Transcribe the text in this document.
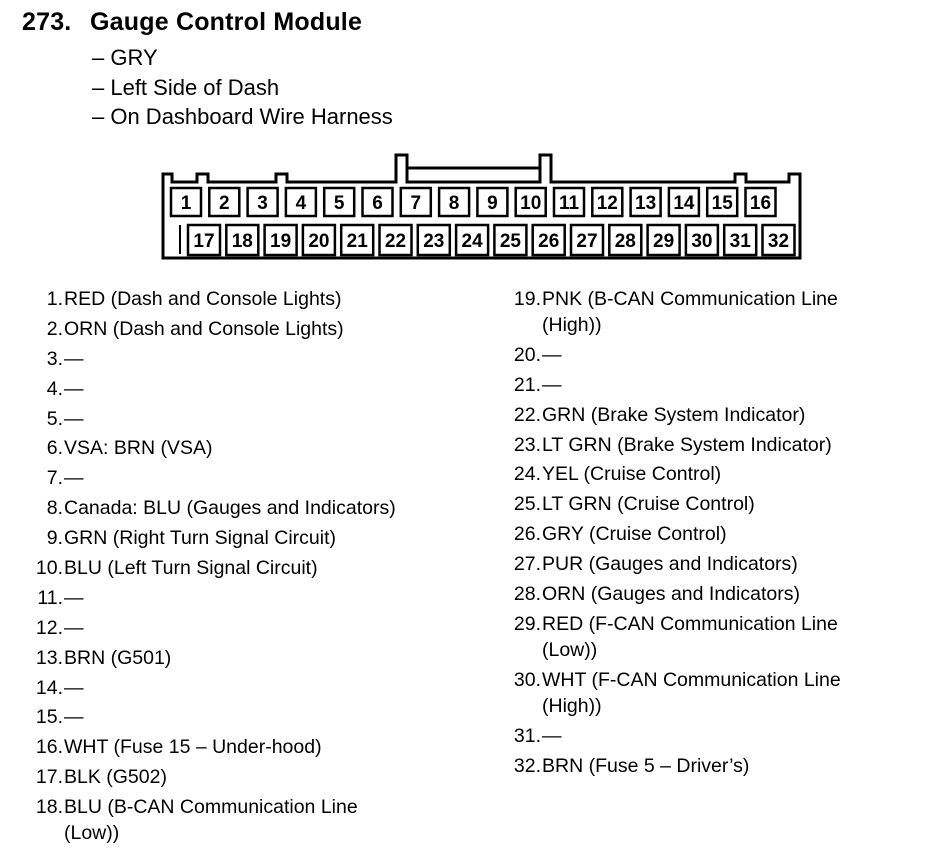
273. Gauge Control Module
– GRY
– Left Side of Dash
– On Dashboard Wire Harness
1 2 3 4 5 6 7 8 9 10 11 12 13 14 15 16
17 18 19 20 21 22 23 24 25 26 27 28 29 30 31 32
1. RED (Dash and Console Lights)
2. ORN (Dash and Console Lights)
3. —
4. —
5. —
6. VSA: BRN (VSA)
7. —
8. Canada: BLU (Gauges and Indicators)
9. GRN (Right Turn Signal Circuit)
10. BLU (Left Turn Signal Circuit)
11. —
12. —
13. BRN (G501)
14. —
15. —
16. WHT (Fuse 15 – Under-hood)
17. BLK (G502)
18. BLU (B-CAN Communication Line
(Low))
19. PNK (B-CAN Communication Line
(High))
20. —
21. —
22. GRN (Brake System Indicator)
23. LT GRN (Brake System Indicator)
24. YEL (Cruise Control)
25. LT GRN (Cruise Control)
26. GRY (Cruise Control)
27. PUR (Gauges and Indicators)
28. ORN (Gauges and Indicators)
29. RED (F-CAN Communication Line
(Low))
30. WHT (F-CAN Communication Line
(High))
31. —
32. BRN (Fuse 5 – Driver’s)
